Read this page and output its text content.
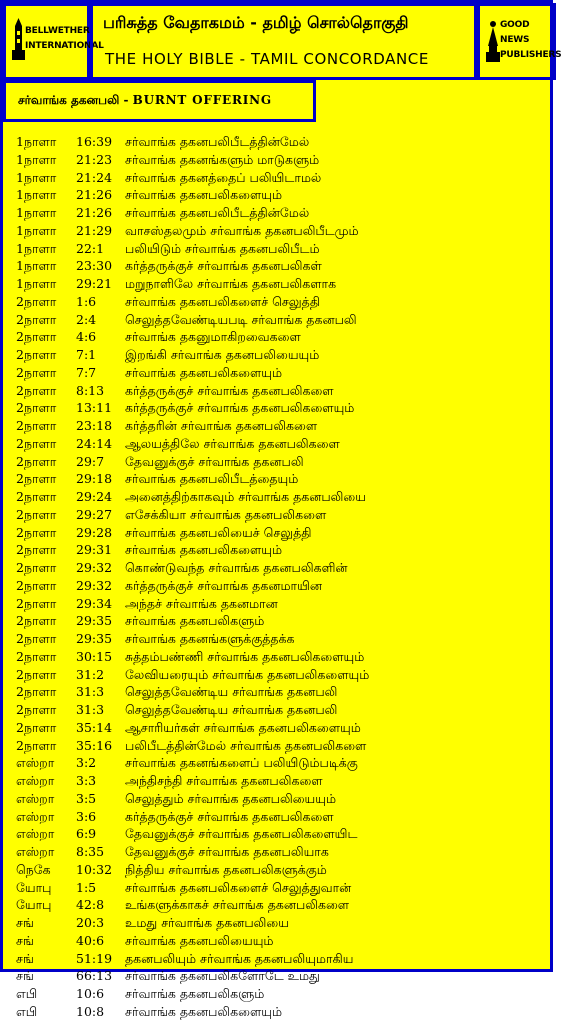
BELLWETHER
INTERNATIONAL
பரிசுத்த வேதாகமம் - தமிழ் சொல்தொகுதி
THE HOLY BIBLE - TAMIL CONCORDANCE
GOOD NEWS
PUBLISHERS
சர்வாங்க தகனபலி - BURNT OFFERING
1நாளா 16:39 சர்வாங்க தகனபலிபீடத்தின்மேல்
1நாளா 21:23 சர்வாங்க தகனங்களும் மாடுகளும்
1நாளா 21:24 சர்வாங்க தகனத்தைப் பலியிடாமல்
1நாளா 21:26 சர்வாங்க தகனபலிகளையும்
1நாளா 21:26 சர்வாங்க தகனபலிபீடத்தின்மேல்
1நாளா 21:29 வாசஸ்தலமும் சர்வாங்க தகனபலிபீடமும்
1நாளா 22:1 பலியிடும் சர்வாங்க தகனபலிபீடம்
1நாளா 23:30 கர்த்தருக்குச் சர்வாங்க தகனபலிகள்
1நாளா 29:21 மறுநாளிலே சர்வாங்க தகனபலிகளாக
2நாளா 1:6 சர்வாங்க தகனபலிகளைச் செலுத்தி
2நாளா 2:4 செலுத்தவேண்டியபடி சர்வாங்க தகனபலி
2நாளா 4:6 சர்வாங்க தகனுமாகிறவைகளை
2நாளா 7:1 இறங்கி சர்வாங்க தகனபலியையும்
2நாளா 7:7 சர்வாங்க தகனபலிகளையும்
2நாளா 8:13 கர்த்தருக்குச் சர்வாங்க தகனபலிகளை
2நாளா 13:11 கர்த்தருக்குச் சர்வாங்க தகனபலிகளையும்
2நாளா 23:18 கர்த்தரின் சர்வாங்க தகனபலிகளை
2நாளா 24:14 ஆலயத்திலே சர்வாங்க தகனபலிகளை
2நாளா 29:7 தேவனுக்குச் சர்வாங்க தகனபலி
2நாளா 29:18 சர்வாங்க தகனபலிபீடத்தையும்
2நாளா 29:24 அனைத்திற்காகவும் சர்வாங்க தகனபலியை
2நாளா 29:27 எசேக்கியா சர்வாங்க தகனபலிகளை
2நாளா 29:28 சர்வாங்க தகனபலியைச் செலுத்தி
2நாளா 29:31 சர்வாங்க தகனபலிகளையும்
2நாளா 29:32 கொண்டுவந்த சர்வாங்க தகனபலிகளின்
2நாளா 29:32 கர்த்தருக்குச் சர்வாங்க தகனமாயின
2நாளா 29:34 அந்தச் சர்வாங்க தகனமான
2நாளா 29:35 சர்வாங்க தகனபலிகளும்
2நாளா 29:35 சர்வாங்க தகனங்களுக்குத்தக்க
2நாளா 30:15 சுத்தம்பண்ணி சர்வாங்க தகனபலிகளையும்
2நாளா 31:2 லேவியரையும் சர்வாங்க தகனபலிகளையும்
2நாளா 31:3 செலுத்தவேண்டிய சர்வாங்க தகனபலி
2நாளா 31:3 செலுத்தவேண்டிய சர்வாங்க தகனபலி
2நாளா 35:14 ஆசாரியர்கள் சர்வாங்க தகனபலிகளையும்
2நாளா 35:16 பலிபீடத்தின்மேல் சர்வாங்க தகனபலிகளை
எஸ்றா 3:2 சர்வாங்க தகனங்களைப் பலியிடும்படிக்கு
எஸ்றா 3:3 அந்திசந்தி சர்வாங்க தகனபலிகளை
எஸ்றா 3:5 செலுத்தும் சர்வாங்க தகனபலியையும்
எஸ்றா 3:6 கர்த்தருக்குச் சர்வாங்க தகனபலிகளை
எஸ்றா 6:9 தேவனுக்குச் சர்வாங்க தகனபலிகளையிட
எஸ்றா 8:35 தேவனுக்குச் சர்வாங்க தகனபலியாக
நெகே 10:32 நித்திய சர்வாங்க தகனபலிகளுக்கும்
யோபு 1:5 சர்வாங்க தகனபலிகளைச் செலுத்துவான்
யோபு 42:8 உங்களுக்காகச் சர்வாங்க தகனபலிகளை
சங்	20:3 உமது சர்வாங்க தகனபலியை
சங்	40:6 சர்வாங்க தகனபலியையும்
சங்	51:19 தகனபலியும் சர்வாங்க தகனபலியுமாகிய
சங்	66:13 சர்வாங்க தகனபலிகளோடே உமது
எபி	10:6 சர்வாங்க தகனபலிகளும்
எபி	10:8 சர்வாங்க தகனபலிகளையும்
